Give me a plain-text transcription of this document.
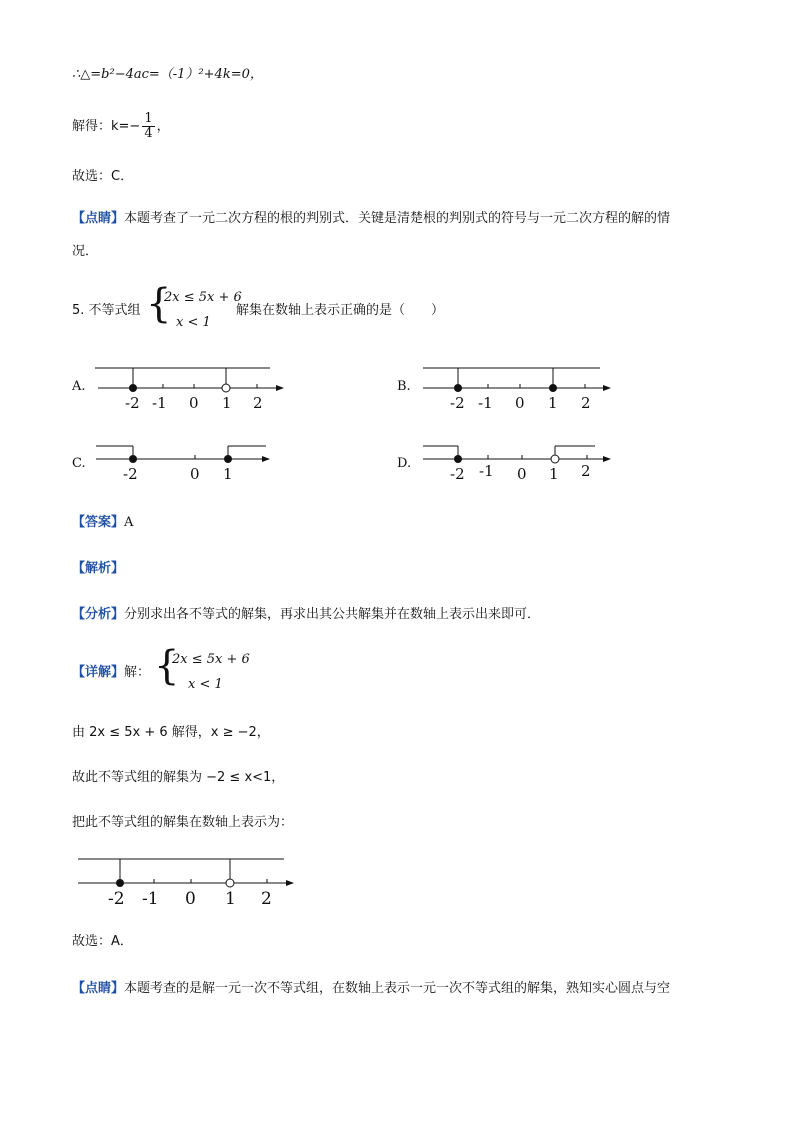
∴△=b²−4ac=（-1）²+4k=0，
解得：$k=- \frac{1}{4}$ ，
故选：C．
【点睛】本题考查了一元二次方程的根的判别式．关键是清楚根的判别式的符号与一元二次方程的解的情
况．
5. 不等式组 {
2x ≤ 5x + 6
x < 1
解集在数轴上表示正确的是（　　）
A.	B.
C.	D.
-2 -1 0 1 2	-2 -1 0 1 2
-2	0 1	-2 -1 0 1 2
【答案】A
【解析】
【分析】分别求出各不等式的解集，再求出其公共解集并在数轴上表示出来即可．
【详解】解： {
2x ≤ 5x + 6
x < 1
由 2x ≤ 5x + 6 解得，x ≥ −2，
故此不等式组的解集为 −2 ≤ x<1，
把此不等式组的解集在数轴上表示为：
-2 -1 0 1 2
故选：A．
【点睛】本题考查的是解一元一次不等式组，在数轴上表示一元一次不等式组的解集，熟知实心圆点与空
